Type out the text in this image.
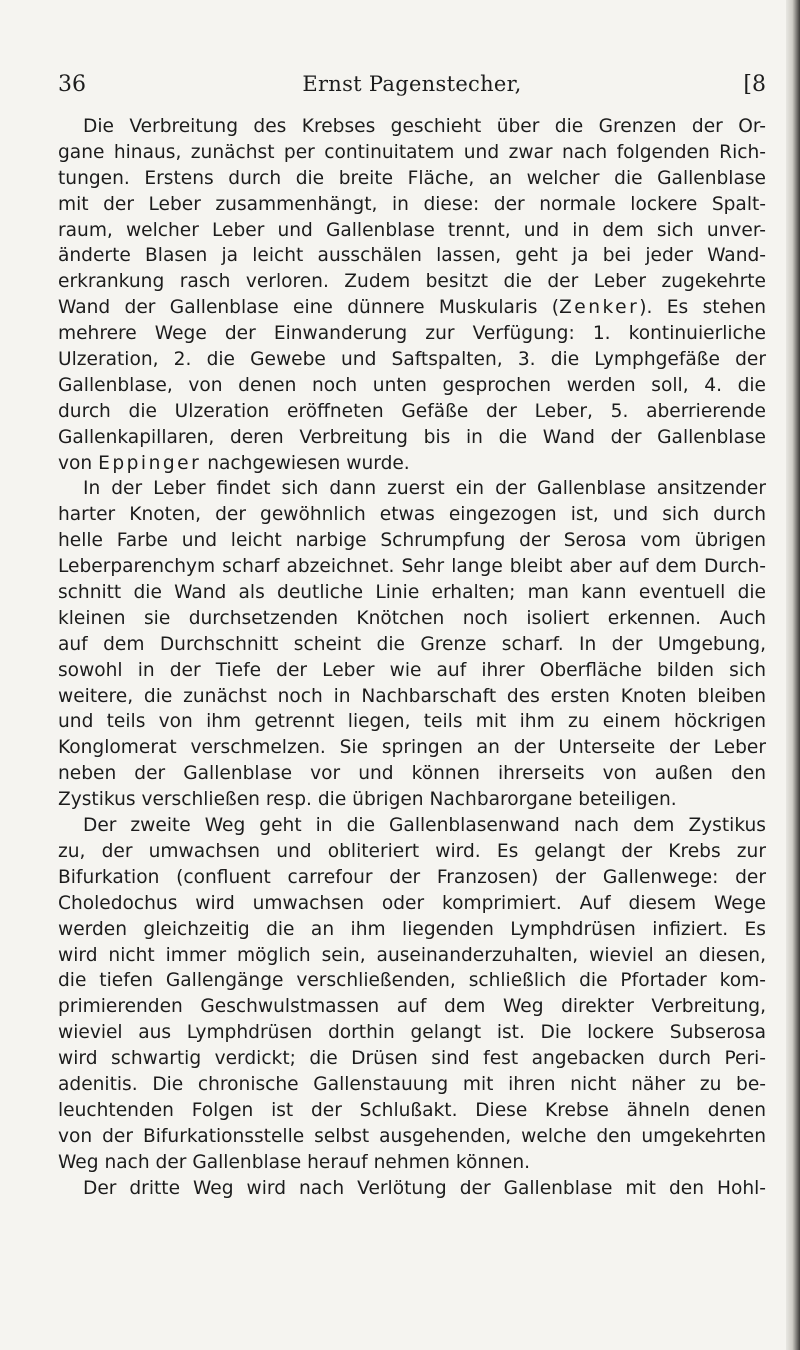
36	Ernst Pagenstecher,	[8
Die Verbreitung des Krebses geschieht über die Grenzen der Or-
gane hinaus, zunächst per continuitatem und zwar nach folgenden Rich-
tungen. Erstens durch die breite Fläche, an welcher die Gallenblase
mit der Leber zusammenhängt, in diese: der normale lockere Spalt-
raum, welcher Leber und Gallenblase trennt, und in dem sich unver-
änderte Blasen ja leicht ausschälen lassen, geht ja bei jeder Wand-
erkrankung rasch verloren. Zudem besitzt die der Leber zugekehrte
Wand der Gallenblase eine dünnere Muskularis (Zenker). Es stehen
mehrere Wege der Einwanderung zur Verfügung: 1. kontinuierliche
Ulzeration, 2. die Gewebe und Saftspalten, 3. die Lymphgefäße der
Gallenblase, von denen noch unten gesprochen werden soll, 4. die
durch die Ulzeration eröffneten Gefäße der Leber, 5. aberrierende
Gallenkapillaren, deren Verbreitung bis in die Wand der Gallenblase
von Eppinger nachgewiesen wurde.
In der Leber findet sich dann zuerst ein der Gallenblase ansitzender
harter Knoten, der gewöhnlich etwas eingezogen ist, und sich durch
helle Farbe und leicht narbige Schrumpfung der Serosa vom übrigen
Leberparenchym scharf abzeichnet. Sehr lange bleibt aber auf dem Durch-
schnitt die Wand als deutliche Linie erhalten; man kann eventuell die
kleinen sie durchsetzenden Knötchen noch isoliert erkennen. Auch
auf dem Durchschnitt scheint die Grenze scharf. In der Umgebung,
sowohl in der Tiefe der Leber wie auf ihrer Oberfläche bilden sich
weitere, die zunächst noch in Nachbarschaft des ersten Knoten bleiben
und teils von ihm getrennt liegen, teils mit ihm zu einem höckrigen
Konglomerat verschmelzen. Sie springen an der Unterseite der Leber
neben der Gallenblase vor und können ihrerseits von außen den
Zystikus verschließen resp. die übrigen Nachbarorgane beteiligen.
Der zweite Weg geht in die Gallenblasenwand nach dem Zystikus
zu, der umwachsen und obliteriert wird. Es gelangt der Krebs zur
Bifurkation (confluent carrefour der Franzosen) der Gallenwege: der
Choledochus wird umwachsen oder komprimiert. Auf diesem Wege
werden gleichzeitig die an ihm liegenden Lymphdrüsen infiziert. Es
wird nicht immer möglich sein, auseinanderzuhalten, wieviel an diesen,
die tiefen Gallengänge verschließenden, schließlich die Pfortader kom-
primierenden Geschwulstmassen auf dem Weg direkter Verbreitung,
wieviel aus Lymphdrüsen dorthin gelangt ist. Die lockere Subserosa
wird schwartig verdickt; die Drüsen sind fest angebacken durch Peri-
adenitis. Die chronische Gallenstauung mit ihren nicht näher zu be-
leuchtenden Folgen ist der Schlußakt. Diese Krebse ähneln denen
von der Bifurkationsstelle selbst ausgehenden, welche den umgekehrten
Weg nach der Gallenblase herauf nehmen können.
Der dritte Weg wird nach Verlötung der Gallenblase mit den Hohl-
